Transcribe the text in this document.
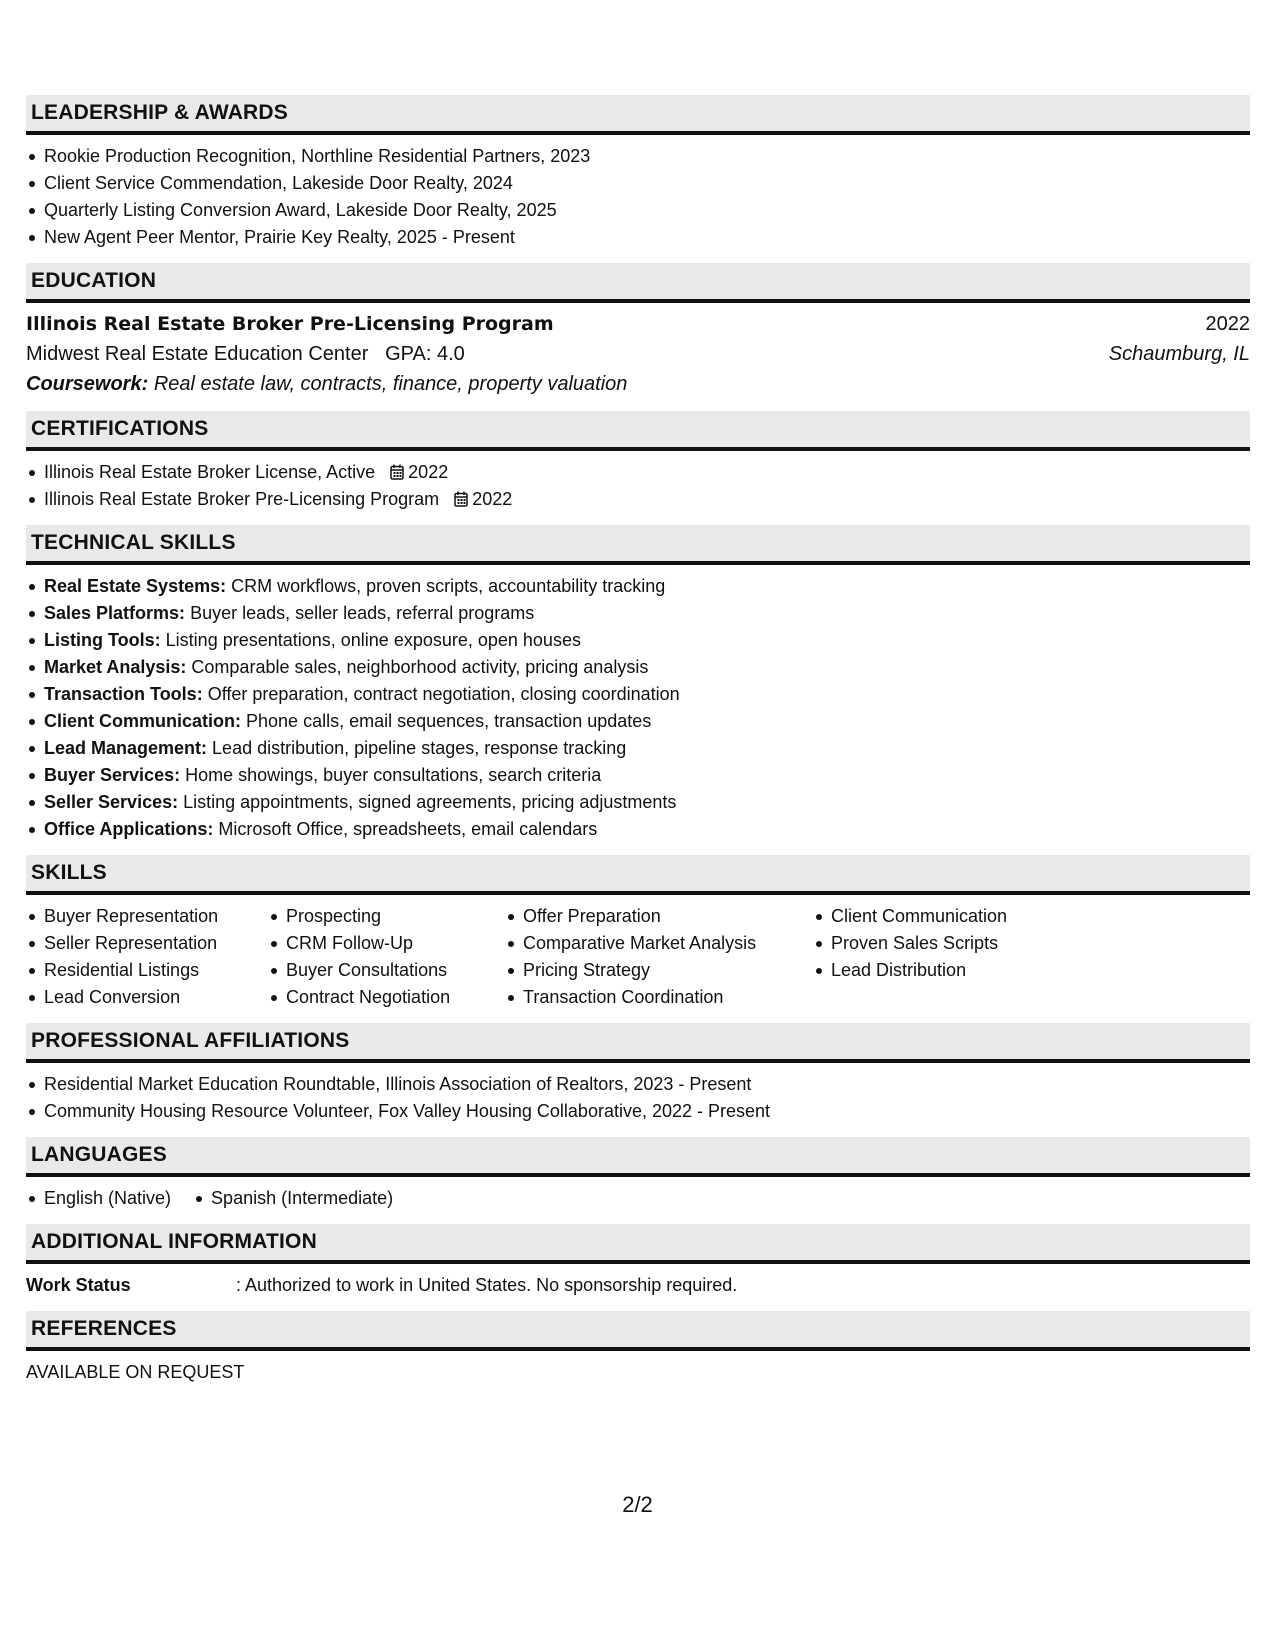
LEADERSHIP & AWARDS
Rookie Production Recognition, Northline Residential Partners, 2023
Client Service Commendation, Lakeside Door Realty, 2024
Quarterly Listing Conversion Award, Lakeside Door Realty, 2025
New Agent Peer Mentor, Prairie Key Realty, 2025 - Present
EDUCATION
Illinois Real Estate Broker Pre-Licensing Program	2022
Midwest Real Estate Education Center GPA: 4.0	Schaumburg, IL
Coursework: Real estate law, contracts, finance, property valuation
CERTIFICATIONS
Illinois Real Estate Broker License, Active 2022
Illinois Real Estate Broker Pre-Licensing Program 2022
TECHNICAL SKILLS
Real Estate Systems: CRM workflows, proven scripts, accountability tracking
Sales Platforms: Buyer leads, seller leads, referral programs
Listing Tools: Listing presentations, online exposure, open houses
Market Analysis: Comparable sales, neighborhood activity, pricing analysis
Transaction Tools: Offer preparation, contract negotiation, closing coordination
Client Communication: Phone calls, email sequences, transaction updates
Lead Management: Lead distribution, pipeline stages, response tracking
Buyer Services: Home showings, buyer consultations, search criteria
Seller Services: Listing appointments, signed agreements, pricing adjustments
Office Applications: Microsoft Office, spreadsheets, email calendars
SKILLS
Buyer Representation
Seller Representation
Residential Listings
Lead Conversion
Prospecting
CRM Follow-Up
Buyer Consultations
Contract Negotiation
Offer Preparation
Comparative Market Analysis
Pricing Strategy
Transaction Coordination
Client Communication
Proven Sales Scripts
Lead Distribution
PROFESSIONAL AFFILIATIONS
Residential Market Education Roundtable, Illinois Association of Realtors, 2023 - Present
Community Housing Resource Volunteer, Fox Valley Housing Collaborative, 2022 - Present
LANGUAGES
English (Native) Spanish (Intermediate)
ADDITIONAL INFORMATION
Work Status	: Authorized to work in United States. No sponsorship required.
REFERENCES
AVAILABLE ON REQUEST
2/2
